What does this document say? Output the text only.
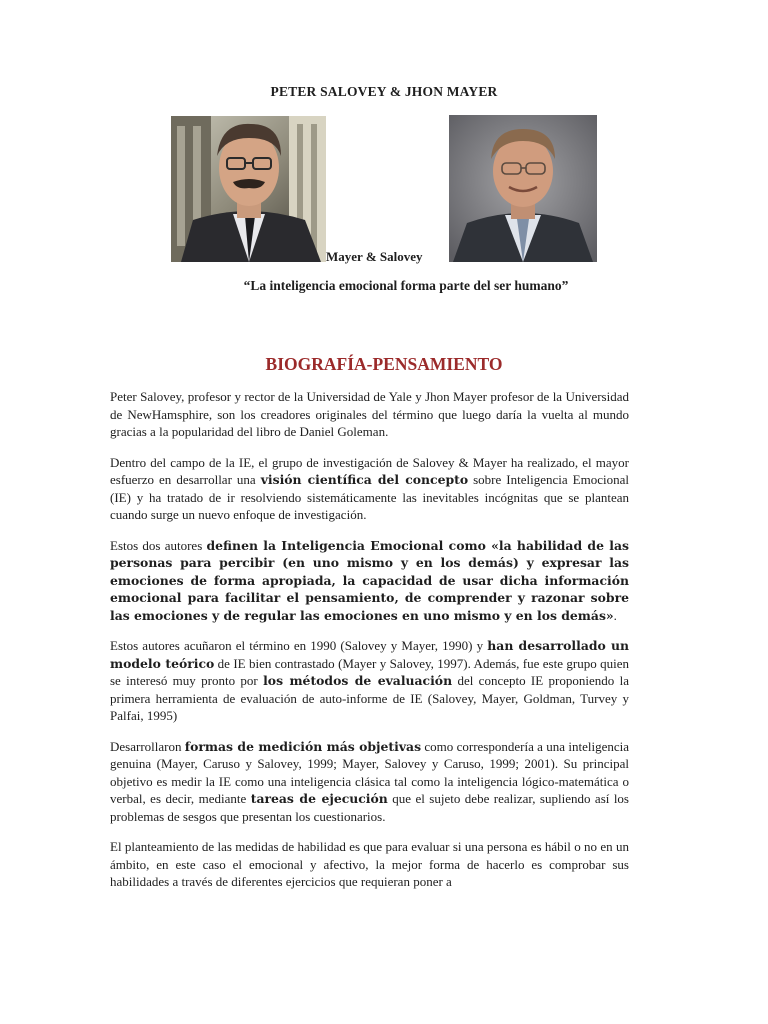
PETER SALOVEY & JHON MAYER
Mayer & Salovey
“La inteligencia emocional forma parte del ser humano”
BIOGRAFÍA-PENSAMIENTO

Peter Salovey, profesor y rector de la Universidad de Yale y Jhon Mayer profesor de la Universidad de NewHamsphire, son los creadores originales del término que luego daría la vuelta al mundo gracias a la popularidad del libro de Daniel Goleman.

Dentro del campo de la IE, el grupo de investigación de Salovey & Mayer ha realizado, el mayor esfuerzo en desarrollar una visión científica del concepto sobre Inteligencia Emocional (IE) y ha tratado de ir resolviendo sistemáticamente las inevitables incógnitas que se plantean cuando surge un nuevo enfoque de investigación.

Estos dos autores definen la Inteligencia Emocional como «la habilidad de las personas para percibir (en uno mismo y en los demás) y expresar las emociones de forma apropiada, la capacidad de usar dicha información emocional para facilitar el pensamiento, de comprender y razonar sobre las emociones y de regular las emociones en uno mismo y en los demás».

Estos autores acuñaron el término en 1990 (Salovey y Mayer, 1990) y han desarrollado un modelo teórico de IE bien contrastado (Mayer y Salovey, 1997). Además, fue este grupo quien se interesó muy pronto por los métodos de evaluación del concepto IE proponiendo la primera herramienta de evaluación de auto-informe de IE (Salovey, Mayer, Goldman, Turvey y Palfai, 1995)

Desarrollaron formas de medición más objetivas como correspondería a una inteligencia genuina (Mayer, Caruso y Salovey, 1999; Mayer, Salovey y Caruso, 1999; 2001). Su principal objetivo es medir la IE como una inteligencia clásica tal como la inteligencia lógico-matemática o verbal, es decir, mediante tareas de ejecución que el sujeto debe realizar, supliendo así los problemas de sesgos que presentan los cuestionarios.

El planteamiento de las medidas de habilidad es que para evaluar si una persona es hábil o no en un ámbito, en este caso el emocional y afectivo, la mejor forma de hacerlo es comprobar sus habilidades a través de diferentes ejercicios que requieran poner a
